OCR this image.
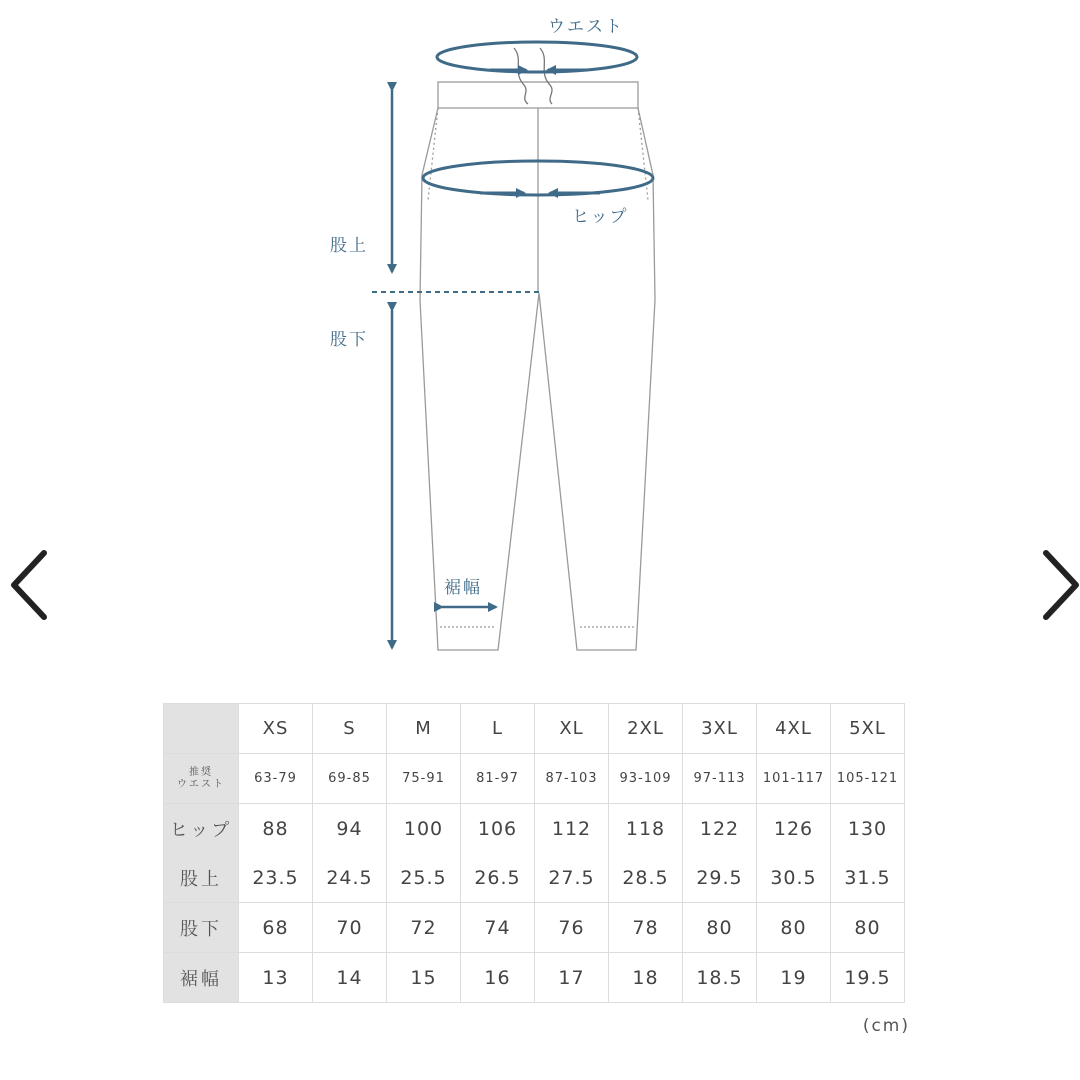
ウエスト
ヒップ
股上
股下
裾幅
	XS	S	M	L	XL	2XL	3XL	4XL	5XL

推奨
ウエスト	63-79	69-85	75-91	81-97	87-103	93-109	97-113	101-117	105-121
ヒップ	88	94	100	106	112	118	122	126	130
股上	23.5	24.5	25.5	26.5	27.5	28.5	29.5	30.5	31.5
股下	68	70	72	74	76	78	80	80	80
裾幅	13	14	15	16	17	18	18.5	19	19.5
(cm)
